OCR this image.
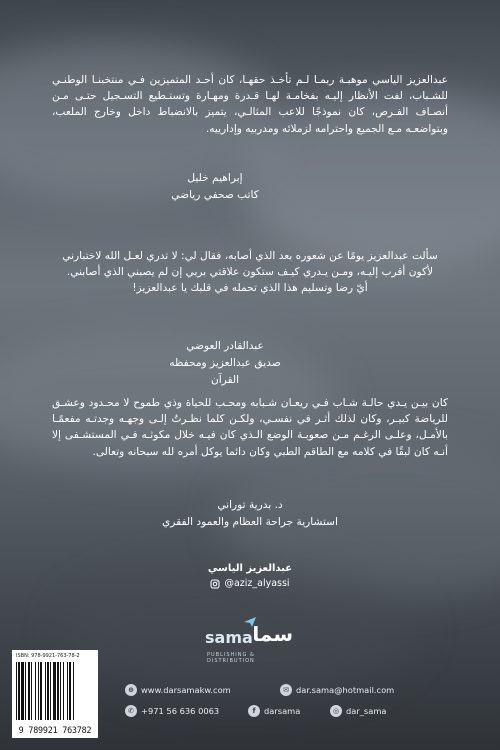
عبدالعزيز الياسي موهبـة ربمـا لـم تأخـذ حقهـا، كان أحـد المتميزين فـي منتخبنـا الوطنـي للشـباب، لفت الأنظار إليـه بفخامـة لهـا قـدرة ومهـارة وتستـطيع التسـجيل حتـى مـن أنصـاف الفـرص، كان نموذجًا للاعب المثالـي، يتميز بالانضباط داخل وخارج الملعب، وبتواضعـه مـع الجميع واحترامه لزملائه ومدربيه وإدارييه.

إبراهيم خليل
كاتب صحفي رياضي

سألت عبدالعزيز يومًا عن شعوره بعد الذي أصابه، فقال لي: لا تدري لعـل الله لاختبارني لأكون أقرب إليـه، ومـن يـدري كيـف ستكون علاقتي بربي إن لم يصبني الذي أصابني.

أيّ رضا وتسليم هذا الذي تحمله في قلبك يا عبدالعزيز!

عبدالقادر العوضي
صديق عبدالعزيز ومحفظه القرآن

كان بيـن يـدي حالـة شـاب فـي ريعـان شـبابه ومحـب للحياة وذي طموح لا محـدود وعشـق للرياضة كبيـر، وكان لذلك أثـر في نفسـي، ولكـن كلما نظـرتُ إلـى وجهـه وجدتـه مفعمًـا بالأمـل، وعلـى الرغـم مـن صعوبـة الوضع الـذي كان فيـه خلال مكوثـه فـي المستشـفى إلا أنـه كان لبقًا في كلامه مع الطاقم الطبي وكان دائما يوكل أمره لله سبحانه وتعالى.

د. بدرية توراني
استشارية جراحة العظام والعمود الفقري
عبدالعزيز الياسي
@aziz_alyassi
sama سما
PUBLISHING & DISTRIBUTION
ISBN: 978-9921-763-78-2
9 789921 763782
⊕ www.darsamakw.com	✉ dar.sama@hotmail.com
✆ +971 56 636 0063	f	darsama	◎ dar_sama
